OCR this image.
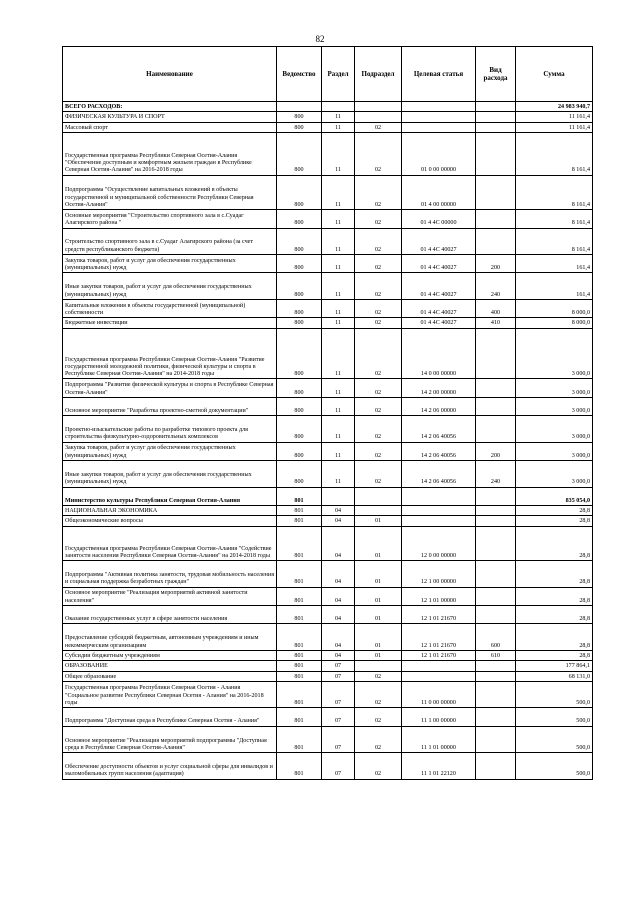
82
Наименование	Ведомство	Раздел	Подраздел	Целевая статья	Вид расхода	Сумма
ВСЕГО РАСХОДОВ:						24 983 940,7
ФИЗИЧЕСКАЯ КУЛЬТУРА И СПОРТ	800	11				11 161,4
Массовый спорт	800	11	02			11 161,4
Государственная программа Республики Северная Осетия-Алания "Обеспечение доступным и комфортным жильем граждан в Республике Северная Осетия-Алания" на 2016-2018 годы	800	11	02	01 0 00 00000		8 161,4
Подпрограмма "Осуществление капитальных вложений в объекты государственной и муниципальной собственности Республики Северная Осетия-Алания"	800	11	02	01 4 00 00000		8 161,4
Основные мероприятия "Строительство спортивного зала в с.Суадаг Алагирского района "	800	11	02	01 4 4C 00000		8 161,4
Строительство спортивного зала в с.Суадаг Алагирского района (за счет средств республиканского бюджета)	800	11	02	01 4 4C 40027		8 161,4
Закупка товаров, работ и услуг для обеспечения государственных (муниципальных) нужд	800	11	02	01 4 4C 40027	200	161,4
Иные закупки товаров, работ и услуг для обеспечения государственных (муниципальных) нужд	800	11	02	01 4 4C 40027	240	161,4
Капитальные вложения в объекты государственной (муниципальной) собственности	800	11	02	01 4 4C 40027	400	8 000,0
Бюджетные инвестиции	800	11	02	01 4 4C 40027	410	8 000,0
Государственная программа Республики Северная Осетия-Алания "Развитие государственной молодежной политики, физической культуры и спорта в Республике Северная Осетия-Алания" на 2014-2018 годы	800	11	02	14 0 00 00000		3 000,0
Подпрограмма "Развитие физической культуры и спорта в Республике Северная Осетия-Алания"	800	11	02	14 2 00 00000		3 000,0
Основное мероприятие "Разработка проектно-сметной документации"	800	11	02	14 2 06 00000		3 000,0
Проектно-изыскательские работы по разработке типового проекта для строительства физкультурно-оздоровительных комплексов	800	11	02	14 2 06 40056		3 000,0
Закупка товаров, работ и услуг для обеспечения государственных (муниципальных) нужд	800	11	02	14 2 06 40056	200	3 000,0
Иные закупки товаров, работ и услуг для обеспечения государственных (муниципальных) нужд	800	11	02	14 2 06 40056	240	3 000,0
Министерство культуры Республики Северная Осетия-Алания	801					835 054,0
НАЦИОНАЛЬНАЯ ЭКОНОМИКА	801	04				28,8
Общеэкономические вопросы	801	04	01			28,8
Государственная программа Республики Северная Осетия-Алания "Содействие занятости населения Республики Северная Осетия-Алания" на 2014-2018 годы	801	04	01	12 0 00 00000		28,8
Подпрограмма "Активная политика занятости, трудовая мобильность населения и социальная поддержка безработных граждан"	801	04	01	12 1 00 00000		28,8
Основное мероприятие "Реализация мероприятий активной занятости населения"	801	04	01	12 1 01 00000		28,8
Оказание государственных услуг в сфере занятости населения	801	04	01	12 1 01 21670		28,8
Предоставление субсидий бюджетным, автономным учреждениям и иным некоммерческим организациям	801	04	01	12 1 01 21670	600	28,8
Субсидии бюджетным учреждениям	801	04	01	12 1 01 21670	610	28,8
ОБРАЗОВАНИЕ	801	07				177 864,1
Общее образование	801	07	02			68 131,0
Государственная программа Республики Северная Осетия - Алания "Социальное развитие Республики Северная Осетия - Алания" на 2016-2018 годы	801	07	02	11 0 00 00000		500,0
Подпрограмма "Доступная среда в Республике Северная Осетия - Алания"	801	07	02	11 1 00 00000		500,0
Основное мероприятие "Реализация мероприятий подпрограммы "Доступная среда в Республике Северная Осетия-Алания"	801	07	02	11 1 01 00000		500,0
Обеспечение доступности объектов и услуг социальной сферы для инвалидов и маломобильных групп населения (адаптация)	801	07	02	11 1 01 22120		500,0
